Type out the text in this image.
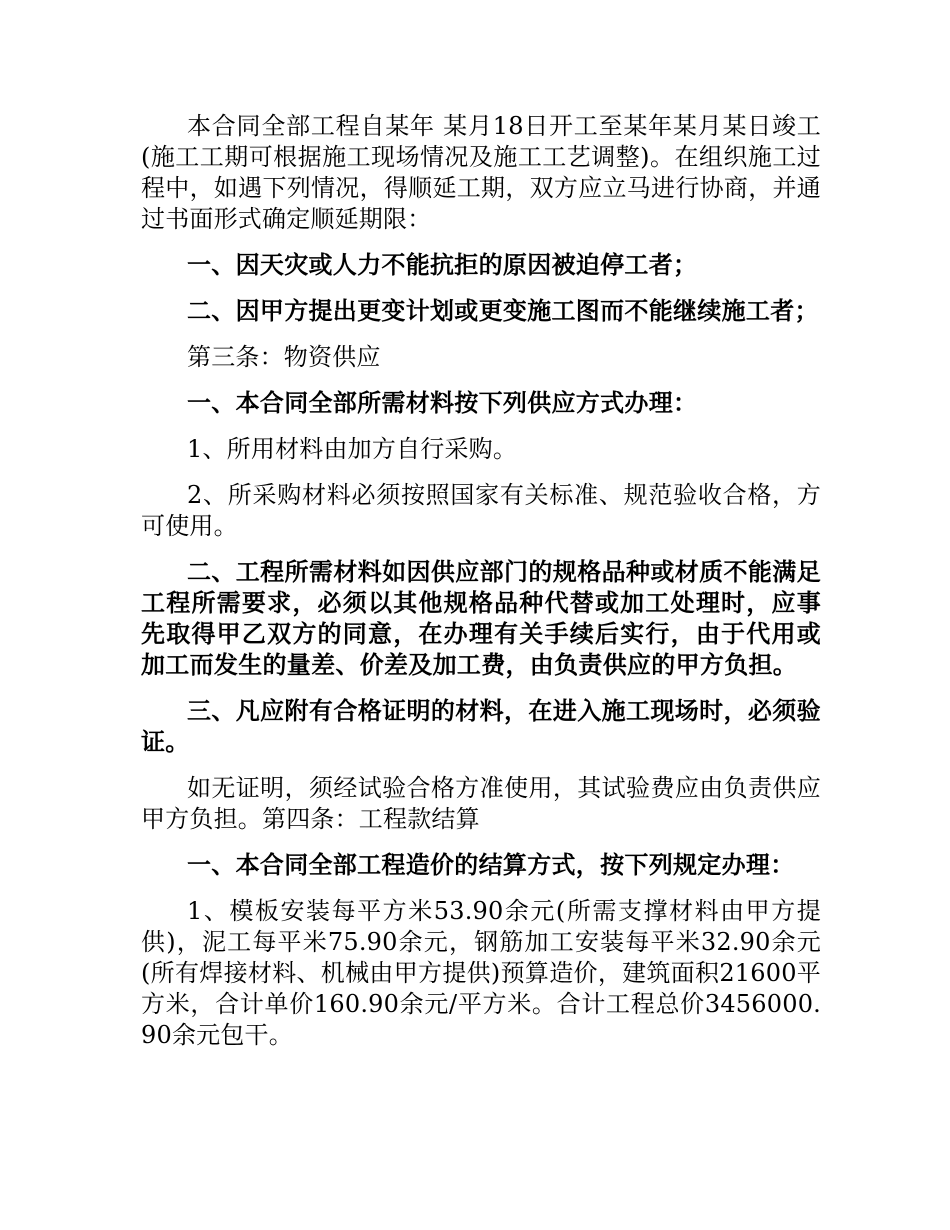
本合同全部工程自某年 某月18日开工至某年某月某日竣工(施工工期可根据施工现场情况及施工工艺调整)。在组织施工过程中，如遇下列情况，得顺延工期，双方应立马进行协商，并通过书面形式确定顺延期限：

一、因天灾或人力不能抗拒的原因被迫停工者；

二、因甲方提出更变计划或更变施工图而不能继续施工者；

第三条：物资供应

一、本合同全部所需材料按下列供应方式办理：

1、所用材料由加方自行采购。

2、所采购材料必须按照国家有关标准、规范验收合格，方可使用。

二、工程所需材料如因供应部门的规格品种或材质不能满足工程所需要求，必须以其他规格品种代替或加工处理时，应事先取得甲乙双方的同意，在办理有关手续后实行，由于代用或加工而发生的量差、价差及加工费，由负责供应的甲方负担。

三、凡应附有合格证明的材料，在进入施工现场时，必须验证。

如无证明，须经试验合格方准使用，其试验费应由负责供应甲方负担。第四条：工程款结算

一、本合同全部工程造价的结算方式，按下列规定办理：

1、模板安装每平方米53.90余元(所需支撑材料由甲方提供)，泥工每平米75.90余元，钢筋加工安装每平米32.90余元(所有焊接材料、机械由甲方提供)预算造价，建筑面积21600平方米，合计单价160.90余元/平方米。合计工程总价3456000.90余元包干。
